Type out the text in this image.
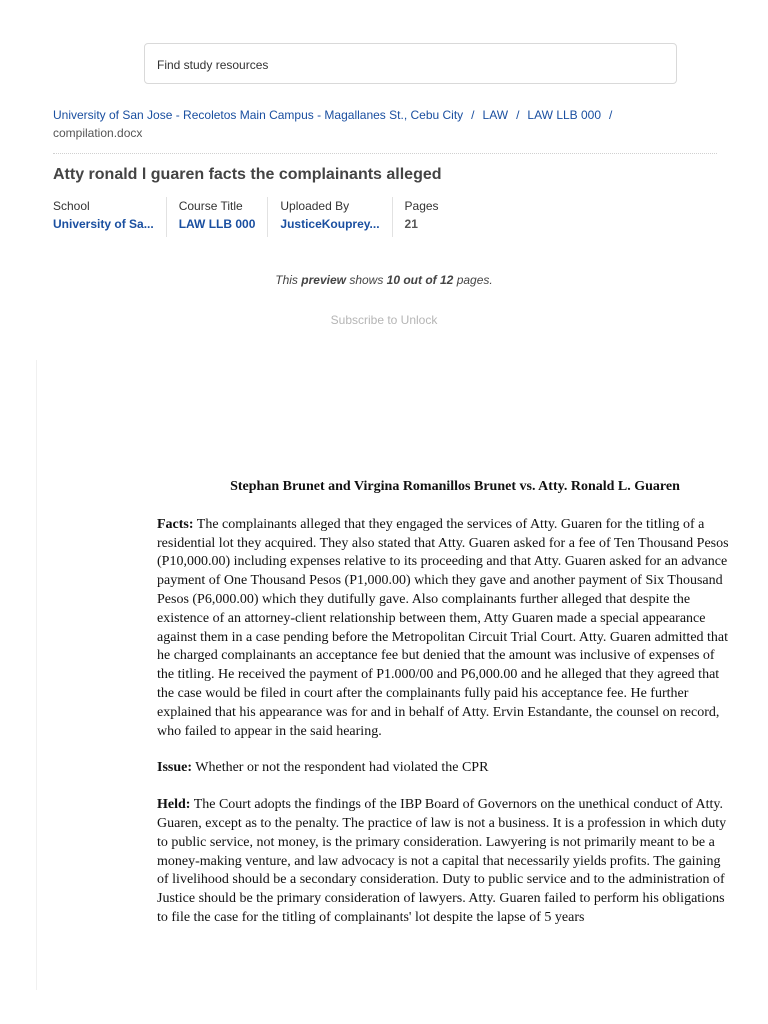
Find study resources
University of San Jose - Recoletos Main Campus - Magallanes St., Cebu City / LAW / LAW LLB 000 /
compilation.docx
Atty ronald l guaren facts the complainants alleged
School
University of Sa...
Course Title
LAW LLB 000
Uploaded By
JusticeKouprey...
Pages
21
This preview shows 10 out of 12 pages.
Subscribe to Unlock
Stephan Brunet and Virgina Romanillos Brunet vs. Atty. Ronald L. Guaren

Facts: The complainants alleged that they engaged the services of Atty. Guaren for the titling of a residential lot they acquired. They also stated that Atty. Guaren asked for a fee of Ten Thousand Pesos (P10,000.00) including expenses relative to its proceeding and that Atty. Guaren asked for an advance payment of One Thousand Pesos (P1,000.00) which they gave and another payment of Six Thousand Pesos (P6,000.00) which they dutifully gave. Also complainants further alleged that despite the existence of an attorney-client relationship between them, Atty Guaren made a special appearance against them in a case pending before the Metropolitan Circuit Trial Court. Atty. Guaren admitted that he charged complainants an acceptance fee but denied that the amount was inclusive of expenses of the titling. He received the payment of P1.000/00 and P6,000.00 and he alleged that they agreed that the case would be filed in court after the complainants fully paid his acceptance fee. He further explained that his appearance was for and in behalf of Atty. Ervin Estandante, the counsel on record, who failed to appear in the said hearing.

Issue: Whether or not the respondent had violated the CPR

Held: The Court adopts the findings of the IBP Board of Governors on the unethical conduct of Atty. Guaren, except as to the penalty. The practice of law is not a business. It is a profession in which duty to public service, not money, is the primary consideration. Lawyering is not primarily meant to be a money-making venture, and law advocacy is not a capital that necessarily yields profits. The gaining of livelihood should be a secondary consideration. Duty to public service and to the administration of Justice should be the primary consideration of lawyers. Atty. Guaren failed to perform his obligations to file the case for the titling of complainants' lot despite the lapse of 5 years
